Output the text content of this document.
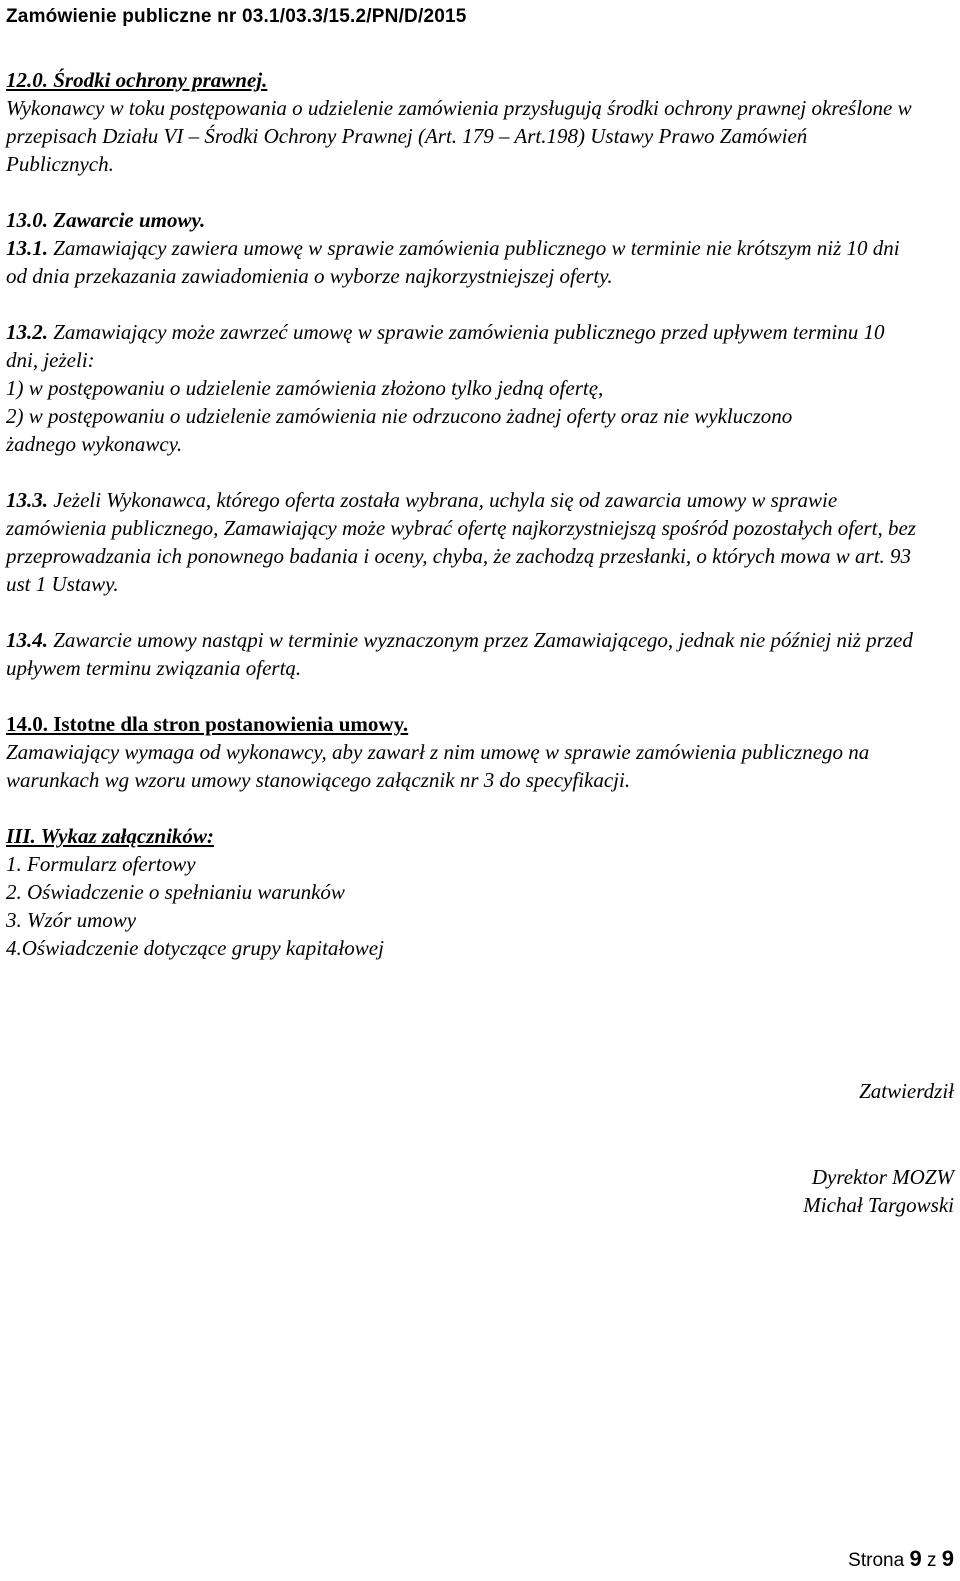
Zamówienie publiczne nr 03.1/03.3/15.2/PN/D/2015

12.0. Środki ochrony prawnej.

Wykonawcy w toku postępowania o udzielenie zamówienia przysługują środki ochrony prawnej określone w przepisach Działu VI – Środki Ochrony Prawnej (Art. 179 – Art.198) Ustawy Prawo Zamówień Publicznych.

13.0. Zawarcie umowy.

13.1. Zamawiający zawiera umowę w sprawie zamówienia publicznego w terminie nie krótszym niż 10 dni od dnia przekazania zawiadomienia o wyborze najkorzystniejszej oferty.

13.2. Zamawiający może zawrzeć umowę w sprawie zamówienia publicznego przed upływem terminu 10 dni, jeżeli:

1) w postępowaniu o udzielenie zamówienia złożono tylko jedną ofertę,

2) w postępowaniu o udzielenie zamówienia nie odrzucono żadnej oferty oraz nie wykluczono żadnego wykonawcy.

13.3. Jeżeli Wykonawca, którego oferta została wybrana, uchyla się od zawarcia umowy w sprawie zamówienia publicznego, Zamawiający może wybrać ofertę najkorzystniejszą spośród pozostałych ofert, bez przeprowadzania ich ponownego badania i oceny, chyba, że zachodzą przesłanki, o których mowa w art. 93 ust 1 Ustawy.

13.4. Zawarcie umowy nastąpi w terminie wyznaczonym przez Zamawiającego, jednak nie później niż przed upływem terminu związania ofertą.

14.0. Istotne dla stron postanowienia umowy.

Zamawiający wymaga od wykonawcy, aby zawarł z nim umowę w sprawie zamówienia publicznego na warunkach wg wzoru umowy stanowiącego załącznik nr 3 do specyfikacji.

III. Wykaz załączników:

1. Formularz ofertowy

2. Oświadczenie o spełnianiu warunków

3. Wzór umowy

4.Oświadczenie dotyczące grupy kapitałowej

Zatwierdził
Dyrektor MOZW
Michał Targowski
Strona 9 z 9
